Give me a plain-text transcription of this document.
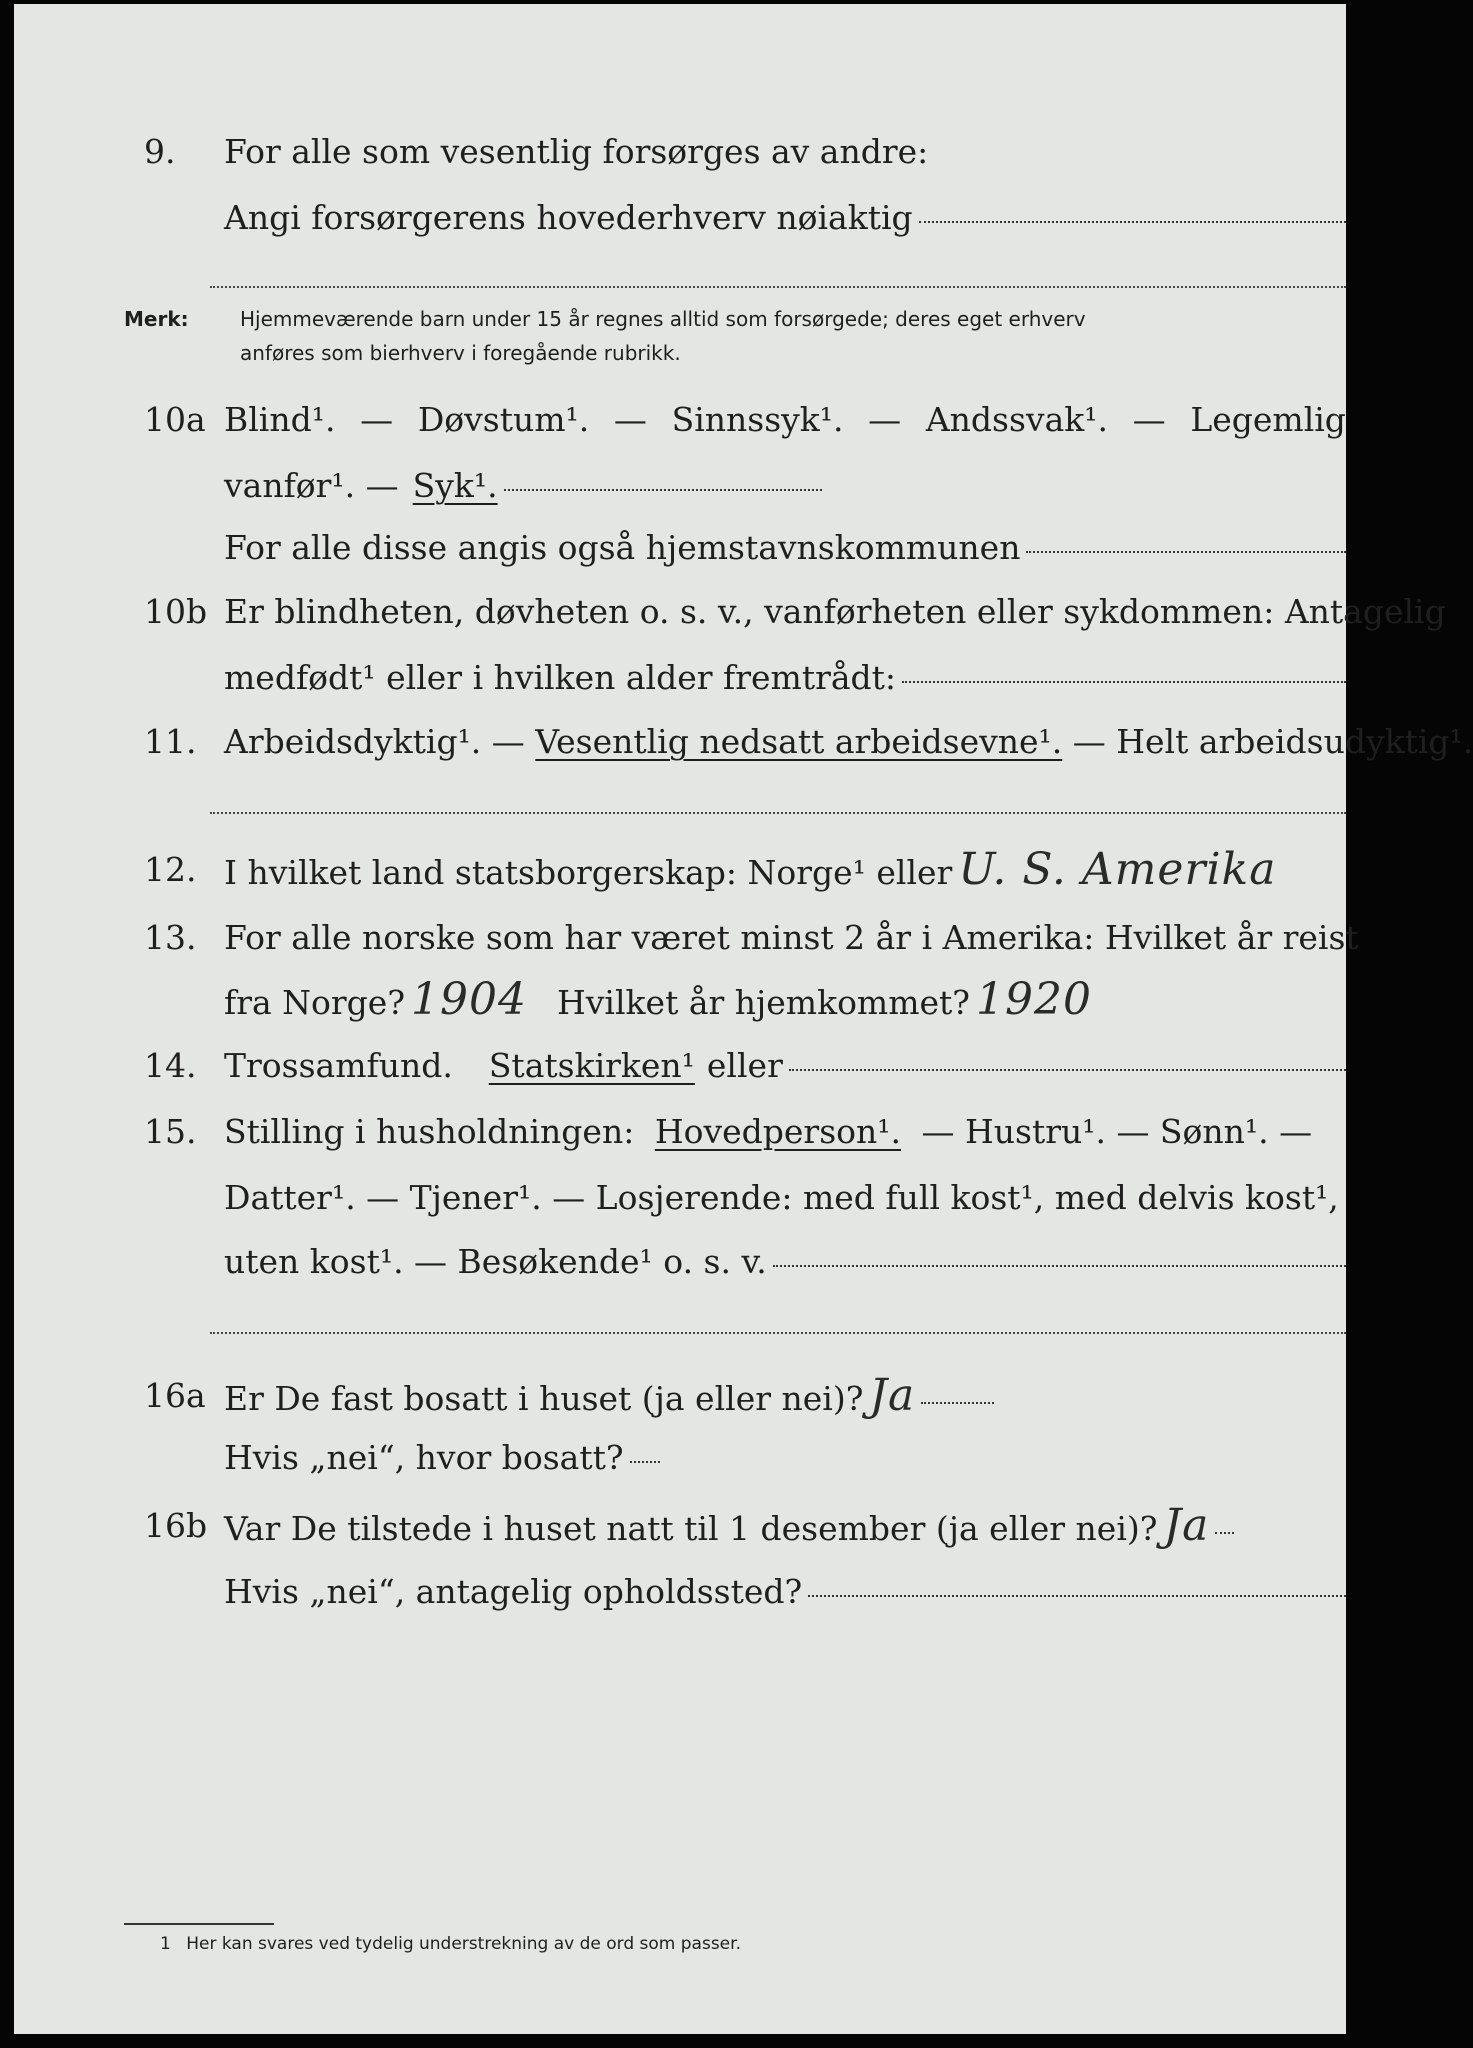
9.	For alle som vesentlig forsørges av andre:
Angi forsørgerens hovederhverv nøiaktig
Merk:	Hjemmeværende barn under 15 år regnes alltid som forsørgede; deres eget erhverv
anføres som bierhverv i foregående rubrikk.
10a Blind¹. — Døvstum¹. — Sinnssyk¹. — Andssvak¹. — Legemlig
vanfør¹. — Syk¹.
For alle disse angis også hjemstavnskommunen
10b Er blindheten, døvheten o. s. v., vanførheten eller sykdommen: Antagelig
medfødt¹ eller i hvilken alder fremtrådt:
11. Arbeidsdyktig¹. — Vesentlig nedsatt arbeidsevne¹. — Helt arbeidsudyktig¹.
12. I hvilket land statsborgerskap: Norge¹ eller U. S. Amerika
13. For alle norske som har været minst 2 år i Amerika: Hvilket år reist
fra Norge? 1904 Hvilket år hjemkommet? 1920
14. Trossamfund. Statskirken¹ eller
15. Stilling i husholdningen: Hovedperson¹. — Hustru¹. — Sønn¹. —
Datter¹. — Tjener¹. — Losjerende: med full kost¹, med delvis kost¹,
uten kost¹. — Besøkende¹ o. s. v.
16a Er De fast bosatt i huset (ja eller nei)? Ja
Hvis „nei“, hvor bosatt?
16b Var De tilstede i huset natt til 1 desember (ja eller nei)? Ja
Hvis „nei“, antagelig opholdssted?
1 Her kan svares ved tydelig understrekning av de ord som passer.
